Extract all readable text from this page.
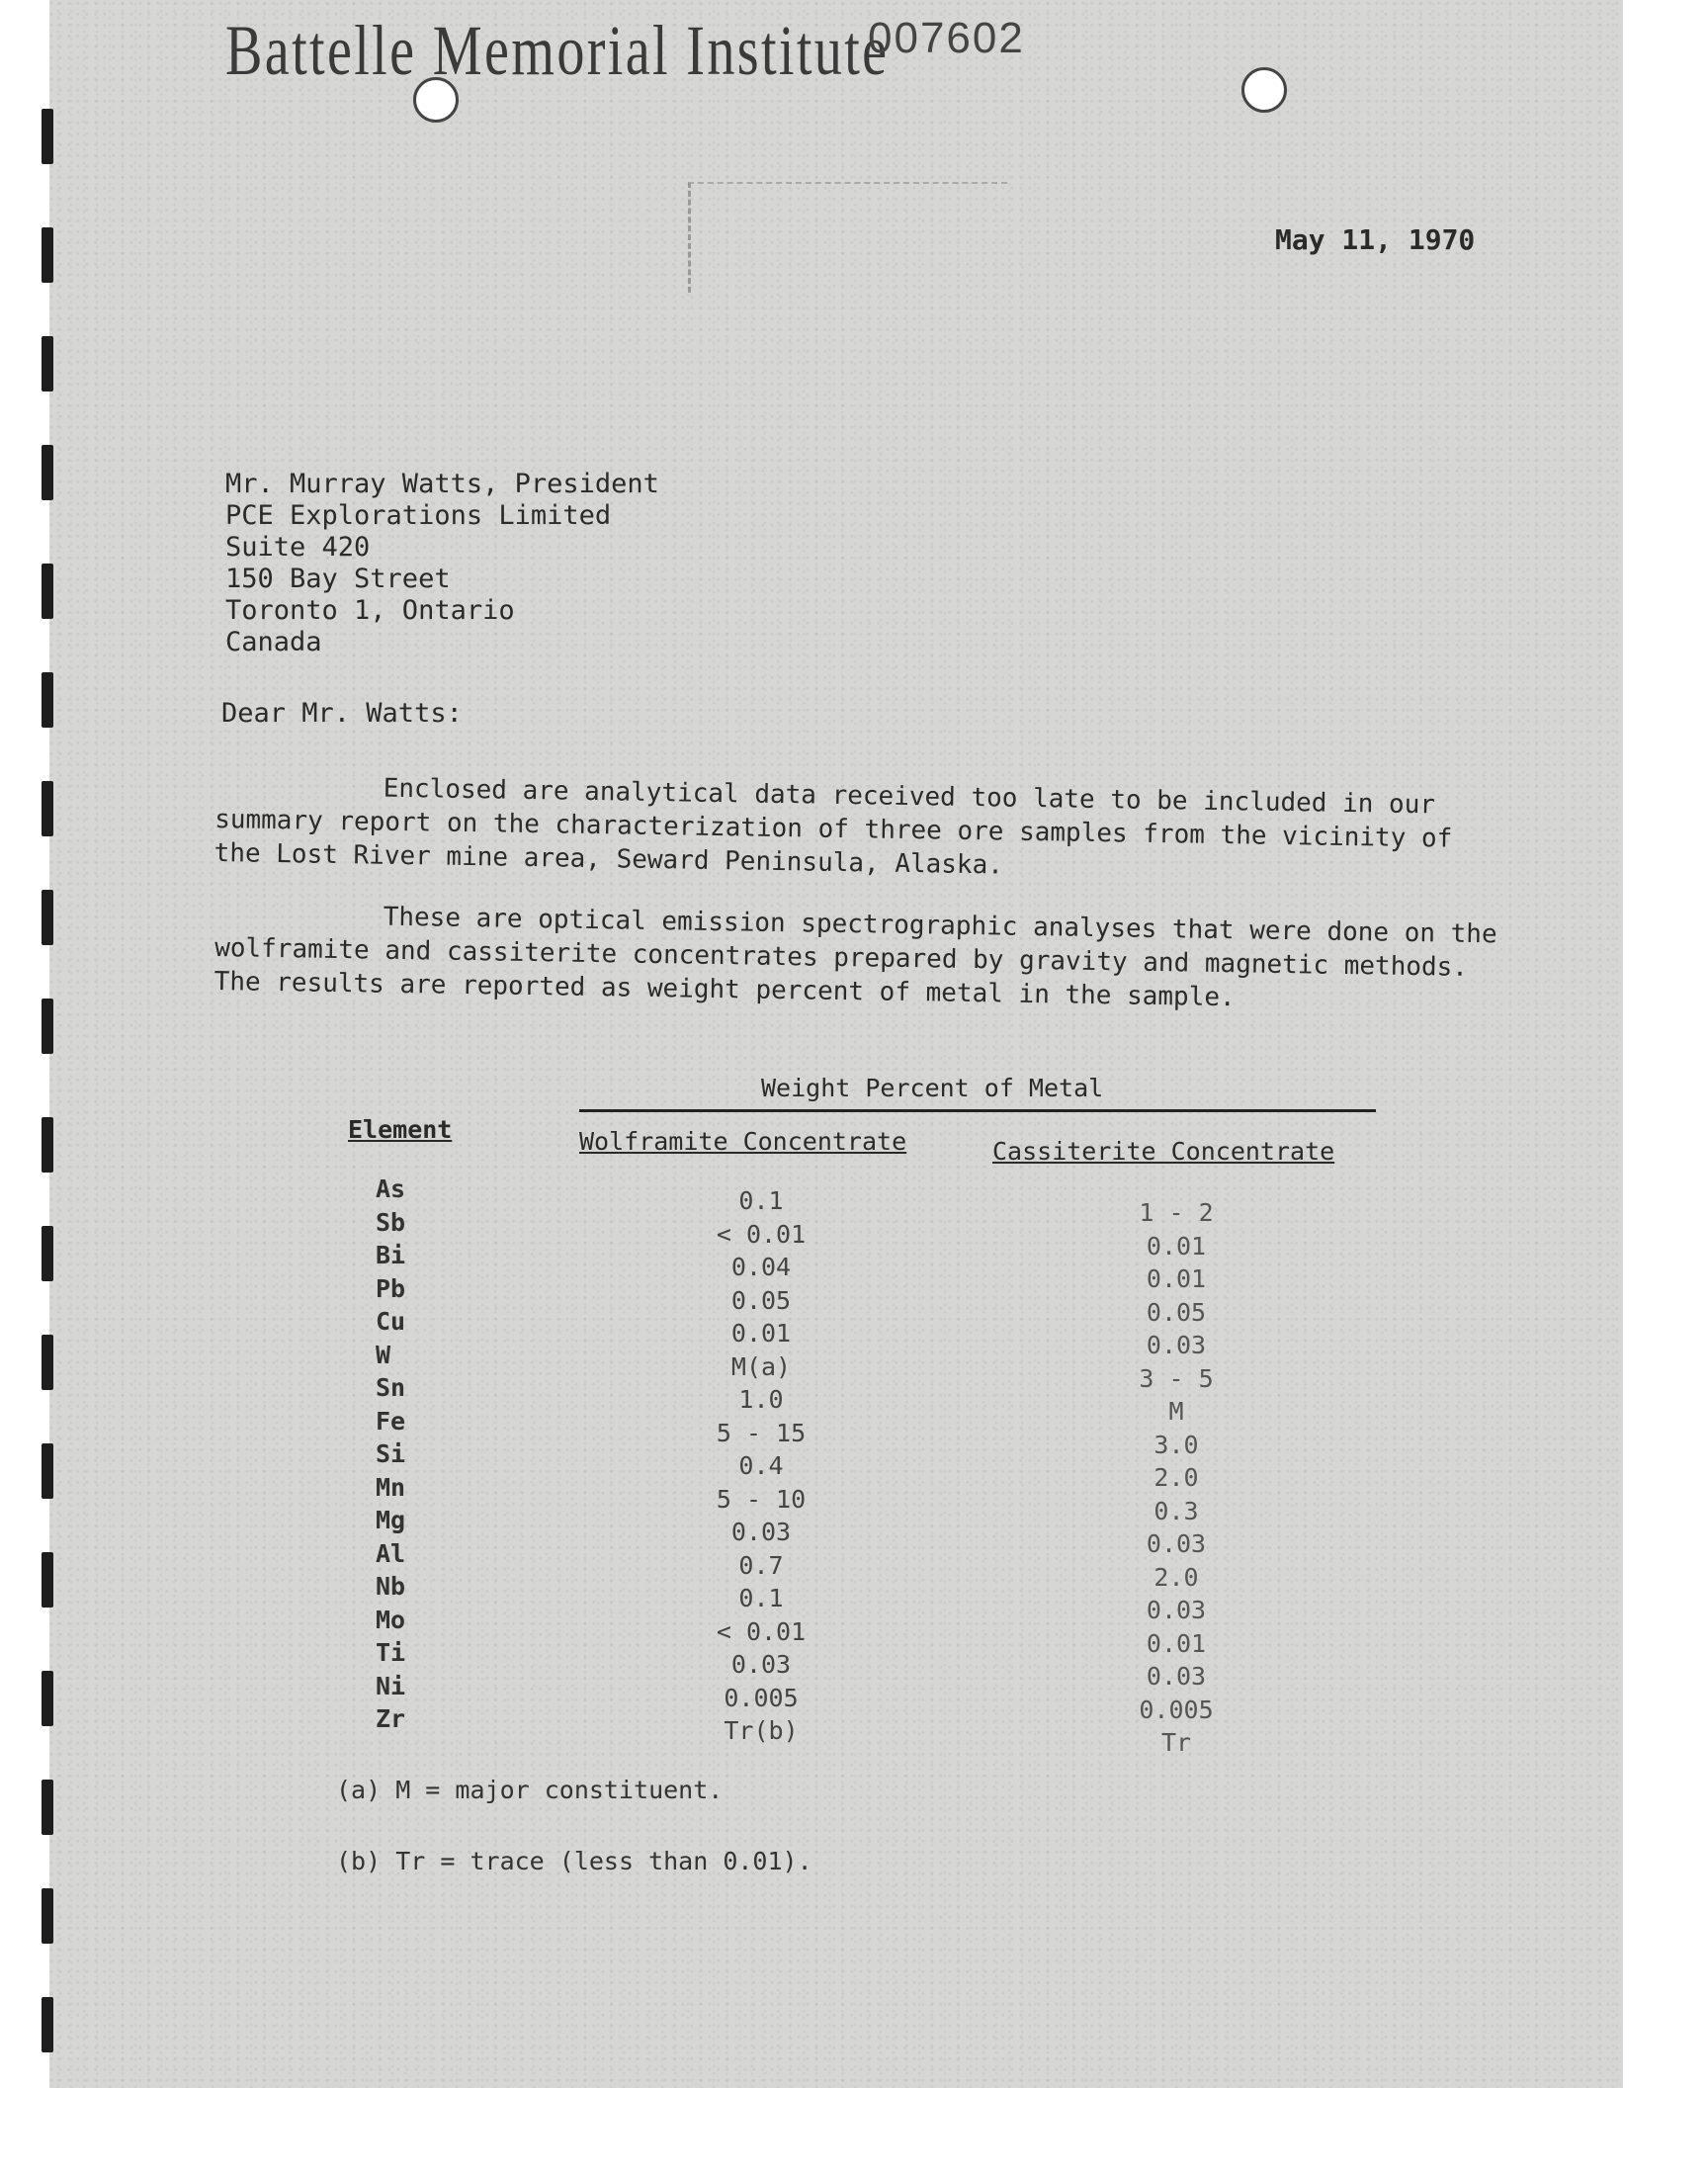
Battelle Memorial Institute
007602
May 11, 1970
Mr. Murray Watts, President
PCE Explorations Limited
Suite 420
150 Bay Street
Toronto 1, Ontario
Canada
Dear Mr. Watts:
Enclosed are analytical data received too late to be included in our summary report on the characterization of three ore samples from the vicinity of the Lost River mine area, Seward Peninsula, Alaska.
These are optical emission spectrographic analyses that were done on the wolframite and cassiterite concentrates prepared by gravity and magnetic methods. The results are reported as weight percent of metal in the sample.
Weight Percent of Metal
Element	Wolframite Concentrate	Cassiterite Concentrate
As
Sb
Bi
Pb
Cu
W
Sn
Fe
Si
Mn
Mg
Al
Nb
Mo
Ti
Ni
Zr
0.1
< 0.01
0.04
0.05
0.01
M(a)
1.0
5 - 15
0.4
5 - 10
0.03
0.7
0.1
< 0.01
0.03
0.005
Tr(b)
1 - 2
0.01
0.01
0.05
0.03
3 - 5
M
3.0
2.0
0.3
0.03
2.0
0.03
0.01
0.03
0.005
Tr
(a) M = major constituent.
(b) Tr = trace (less than 0.01).
